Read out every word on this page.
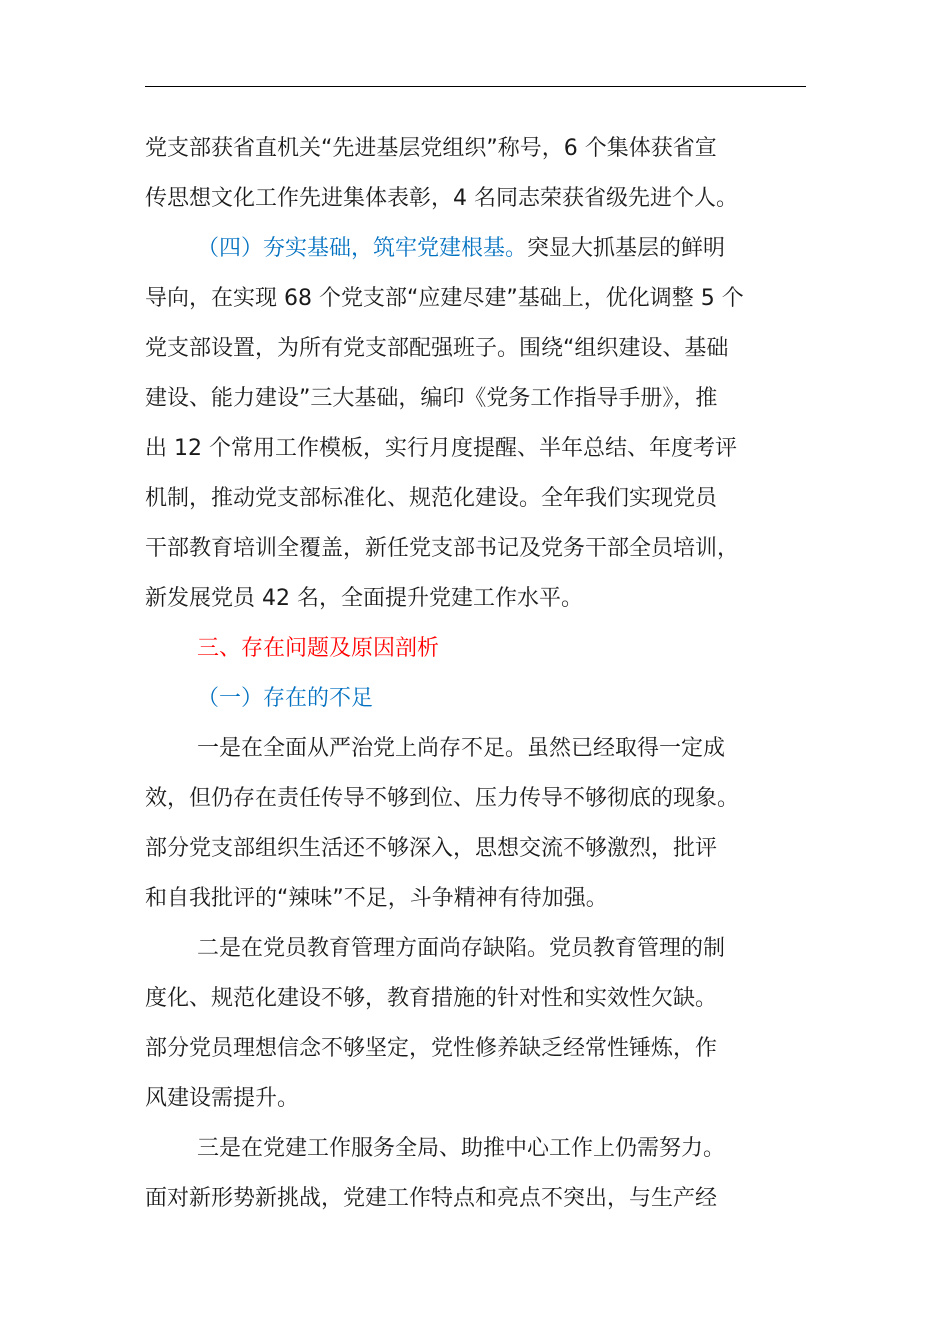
党支部获省直机关“先进基层党组织”称号，6 个集体获省宣
传思想文化工作先进集体表彰，4 名同志荣获省级先进个人。
（四）夯实基础，筑牢党建根基。突显大抓基层的鲜明
导向，在实现 68 个党支部“应建尽建”基础上，优化调整 5 个
党支部设置，为所有党支部配强班子。围绕“组织建设、基础
建设、能力建设”三大基础，编印《党务工作指导手册》，推
出 12 个常用工作模板，实行月度提醒、半年总结、年度考评
机制，推动党支部标准化、规范化建设。全年我们实现党员
干部教育培训全覆盖，新任党支部书记及党务干部全员培训，
新发展党员 42 名，全面提升党建工作水平。
三、存在问题及原因剖析
（一）存在的不足
一是在全面从严治党上尚存不足。虽然已经取得一定成
效，但仍存在责任传导不够到位、压力传导不够彻底的现象。
部分党支部组织生活还不够深入，思想交流不够激烈，批评
和自我批评的“辣味”不足，斗争精神有待加强。
二是在党员教育管理方面尚存缺陷。党员教育管理的制
度化、规范化建设不够，教育措施的针对性和实效性欠缺。
部分党员理想信念不够坚定，党性修养缺乏经常性锤炼，作
风建设需提升。
三是在党建工作服务全局、助推中心工作上仍需努力。
面对新形势新挑战，党建工作特点和亮点不突出，与生产经
